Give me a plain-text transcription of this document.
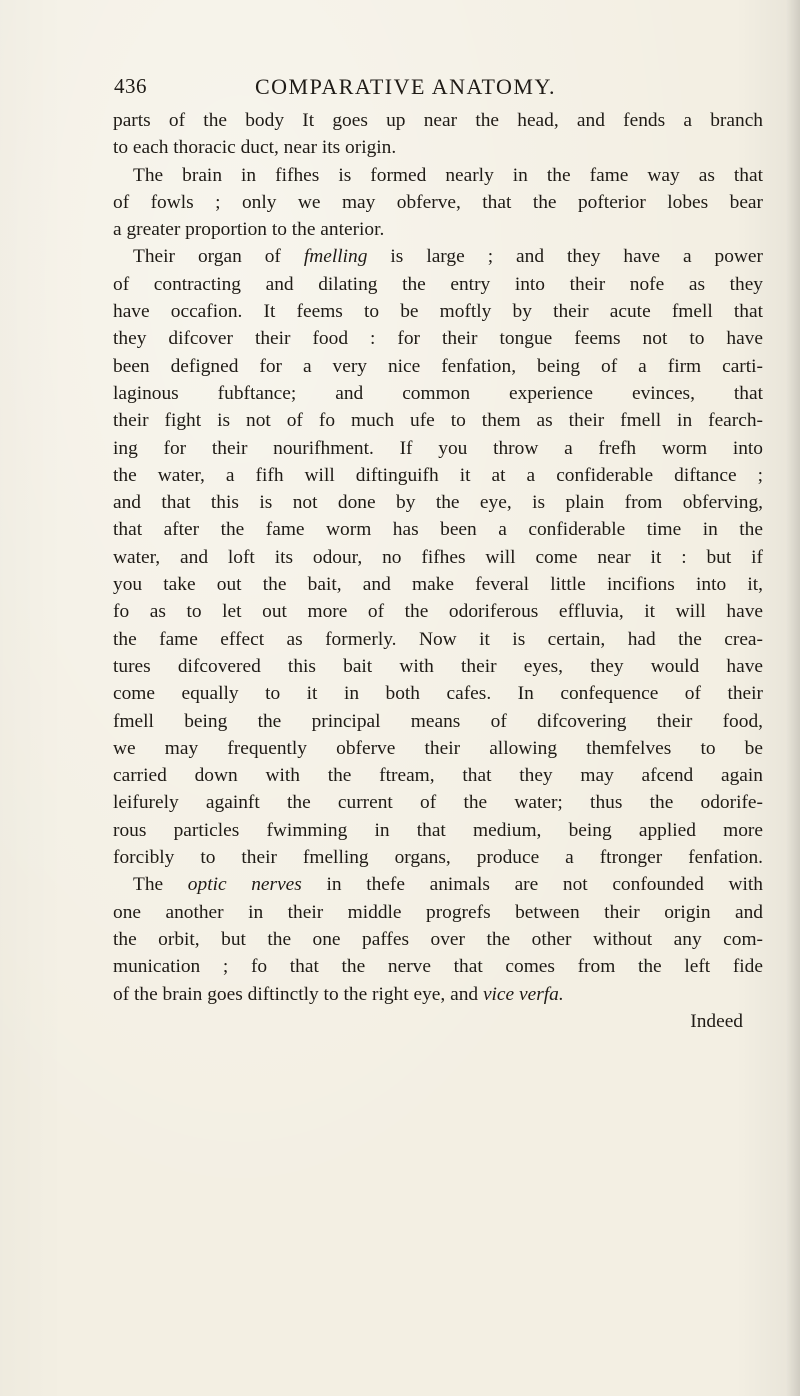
436	COMPARATIVE ANATOMY.
parts of the body It goes up near the head, and fends a branch
to each thoracic duct, near its origin.
The brain in fifhes is formed nearly in the fame way as that
of fowls ; only we may obferve, that the pofterior lobes bear
a greater proportion to the anterior.
Their organ of fmelling is large ; and they have a power
of contracting and dilating the entry into their nofe as they
have occafion. It feems to be moftly by their acute fmell that
they difcover their food : for their tongue feems not to have
been defigned for a very nice fenfation, being of a firm carti-
laginous fubftance; and common experience evinces, that
their fight is not of fo much ufe to them as their fmell in fearch-
ing for their nourifhment. If you throw a frefh worm into
the water, a fifh will diftinguifh it at a confiderable diftance ;
and that this is not done by the eye, is plain from obferving,
that after the fame worm has been a confiderable time in the
water, and loft its odour, no fifhes will come near it : but if
you take out the bait, and make feveral little incifions into it,
fo as to let out more of the odoriferous effluvia, it will have
the fame effect as formerly. Now it is certain, had the crea-
tures difcovered this bait with their eyes, they would have
come equally to it in both cafes. In confequence of their
fmell being the principal means of difcovering their food,
we may frequently obferve their allowing themfelves to be
carried down with the ftream, that they may afcend again
leifurely againft the current of the water; thus the odorife-
rous particles fwimming in that medium, being applied more
forcibly to their fmelling organs, produce a ftronger fenfation.
The optic nerves in thefe animals are not confounded with
one another in their middle progrefs between their origin and
the orbit, but the one paffes over the other without any com-
munication ; fo that the nerve that comes from the left fide
of the brain goes diftinctly to the right eye, and vice verfa.
Indeed
